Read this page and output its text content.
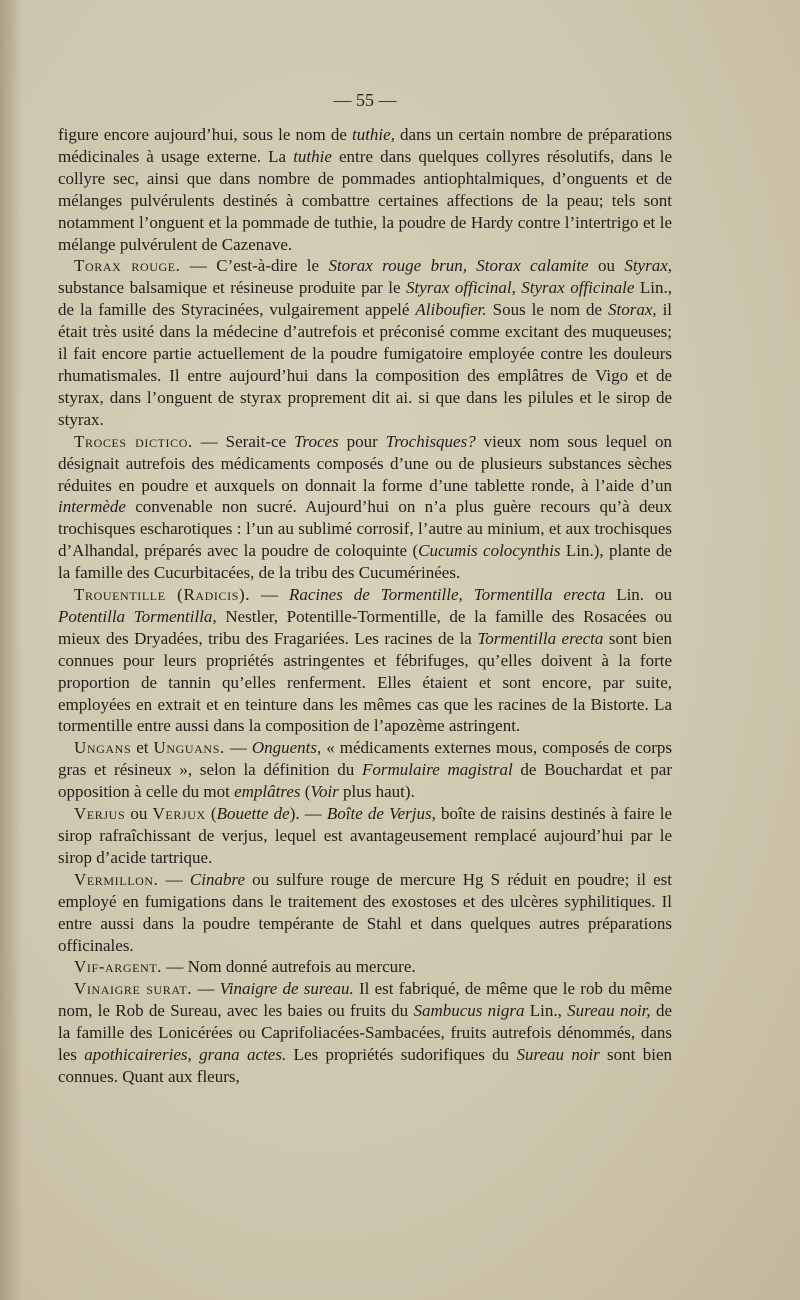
— 55 —

figure encore aujourd’hui, sous le nom de tuthie, dans un certain nombre de préparations médicinales à usage externe. La tuthie entre dans quelques collyres résolutifs, dans le collyre sec, ainsi que dans nombre de pommades antiophtalmiques, d’onguents et de mélanges pulvérulents destinés à combattre certaines affections de la peau; tels sont notamment l’onguent et la pommade de tuthie, la poudre de Hardy contre l’intertrigo et le mélange pulvérulent de Cazenave.

Torax rouge. — C’est-à-dire le Storax rouge brun, Storax calamite ou Styrax, substance balsamique et résineuse produite par le Styrax officinal, Styrax officinale Lin., de la famille des Styracinées, vulgairement appelé Aliboufier. Sous le nom de Storax, il était très usité dans la médecine d’autrefois et préconisé comme excitant des muqueuses; il fait encore partie actuellement de la poudre fumigatoire employée contre les douleurs rhumatismales. Il entre aujourd’hui dans la composition des emplâtres de Vigo et de styrax, dans l’onguent de styrax proprement dit ai. si que dans les pilules et le sirop de styrax.

Troces dictico. — Serait-ce Troces pour Trochisques? vieux nom sous lequel on désignait autrefois des médicaments composés d’une ou de plusieurs substances sèches réduites en poudre et auxquels on donnait la forme d’une tablette ronde, à l’aide d’un intermède convenable non sucré. Aujourd’hui on n’a plus guère recours qu’à deux trochisques escharotiques : l’un au sublimé corrosif, l’autre au minium, et aux trochisques d’Alhandal, préparés avec la poudre de coloquinte (Cucumis colocynthis Lin.), plante de la famille des Cucurbitacées, de la tribu des Cucumérinées.

Trouentille (Radicis). — Racines de Tormentille, Tormentilla erecta Lin. ou Potentilla Tormentilla, Nestler, Potentille-Tormentille, de la famille des Rosacées ou mieux des Dryadées, tribu des Fragariées. Les racines de la Tormentilla erecta sont bien connues pour leurs propriétés astringentes et fébrifuges, qu’elles doivent à la forte proportion de tannin qu’elles renferment. Elles étaient et sont encore, par suite, employées en extrait et en teinture dans les mêmes cas que les racines de la Bistorte. La tormentille entre aussi dans la composition de l’apozème astringent.

Ungans et Unguans. — Onguents, « médicaments externes mous, composés de corps gras et résineux », selon la définition du Formulaire magistral de Bouchardat et par opposition à celle du mot emplâtres (Voir plus haut).

Verjus ou Verjux (Bouette de). — Boîte de Verjus, boîte de raisins destinés à faire le sirop rafraîchissant de verjus, lequel est avantageusement remplacé aujourd’hui par le sirop d’acide tartrique.

Vermillon. — Cinabre ou sulfure rouge de mercure Hg S réduit en poudre; il est employé en fumigations dans le traitement des exostoses et des ulcères syphilitiques. Il entre aussi dans la poudre tempérante de Stahl et dans quelques autres préparations officinales.

Vif-argent. — Nom donné autrefois au mercure.

Vinaigre surat. — Vinaigre de sureau. Il est fabriqué, de même que le rob du même nom, le Rob de Sureau, avec les baies ou fruits du Sambucus nigra Lin., Sureau noir, de la famille des Lonicérées ou Caprifoliacées-Sambacées, fruits autrefois dénommés, dans les apothicaireries, grana actes. Les propriétés sudorifiques du Sureau noir sont bien connues. Quant aux fleurs,
